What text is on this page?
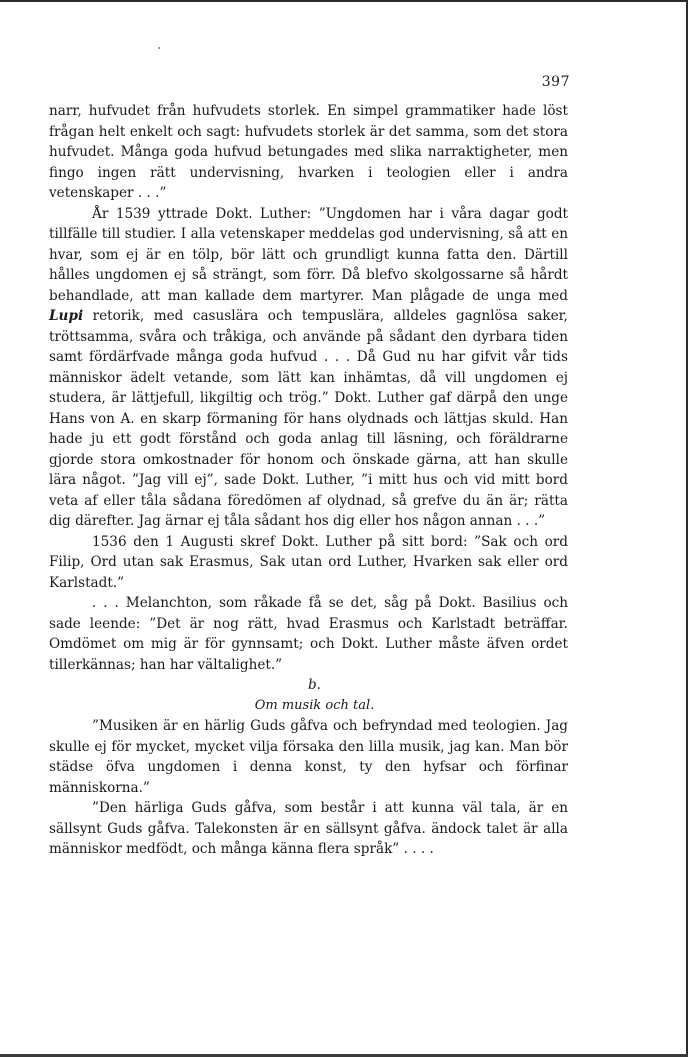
397

narr, hufvudet från hufvudets storlek. En simpel grammatiker hade löst frågan helt enkelt och sagt: hufvudets storlek är det samma, som det stora hufvudet. Många goda hufvud betungades med slika narraktigheter, men fingo ingen rätt undervisning, hvarken i teologien eller i andra vetenskaper . . .”

År 1539 yttrade Dokt. Luther: ”Ungdomen har i våra dagar godt tillfälle till studier. I alla vetenskaper meddelas god undervisning, så att en hvar, som ej är en tölp, bör lätt och grundligt kunna fatta den. Därtill hålles ungdomen ej så strängt, som förr. Då blefvo skolgossarne så hårdt behandlade, att man kallade dem martyrer. Man plågade de unga med Lupi retorik, med casuslära och tempuslära, alldeles gagnlösa saker, tröttsamma, svåra och tråkiga, och använde på sådant den dyrbara tiden samt fördärfvade många goda hufvud . . . Då Gud nu har gifvit vår tids människor ädelt vetande, som lätt kan inhämtas, då vill ungdomen ej studera, är lättjefull, likgiltig och trög.” Dokt. Luther gaf därpå den unge Hans von A. en skarp förmaning för hans olydnads och lättjas skuld. Han hade ju ett godt förstånd och goda anlag till läsning, och föräldrarne gjorde stora omkostnader för honom och önskade gärna, att han skulle lära något. ”Jag vill ej”, sade Dokt. Luther, ”i mitt hus och vid mitt bord veta af eller tåla sådana föredömen af olydnad, så grefve du än är; rätta dig därefter. Jag ärnar ej tåla sådant hos dig eller hos någon annan . . .”

1536 den 1 Augusti skref Dokt. Luther på sitt bord: ”Sak och ord Filip, Ord utan sak Erasmus, Sak utan ord Luther, Hvarken sak eller ord Karlstadt.”

. . . Melanchton, som råkade få se det, såg på Dokt. Basilius och sade leende: ”Det är nog rätt, hvad Erasmus och Karlstadt beträffar. Omdömet om mig är för gynnsamt; och Dokt. Luther måste äfven ordet tillerkännas; han har vältalighet.”

b.

Om musik och tal.

”Musiken är en härlig Guds gåfva och befryndad med teologien. Jag skulle ej för mycket, mycket vilja försaka den lilla musik, jag kan. Man bör städse öfva ungdomen i denna konst, ty den hyfsar och förfinar människorna.”

”Den härliga Guds gåfva, som består i att kunna väl tala, är en sällsynt Guds gåfva. Talekonsten är en sällsynt gåfva. ändock talet är alla människor medfödt, och många känna flera språk” . . . .
